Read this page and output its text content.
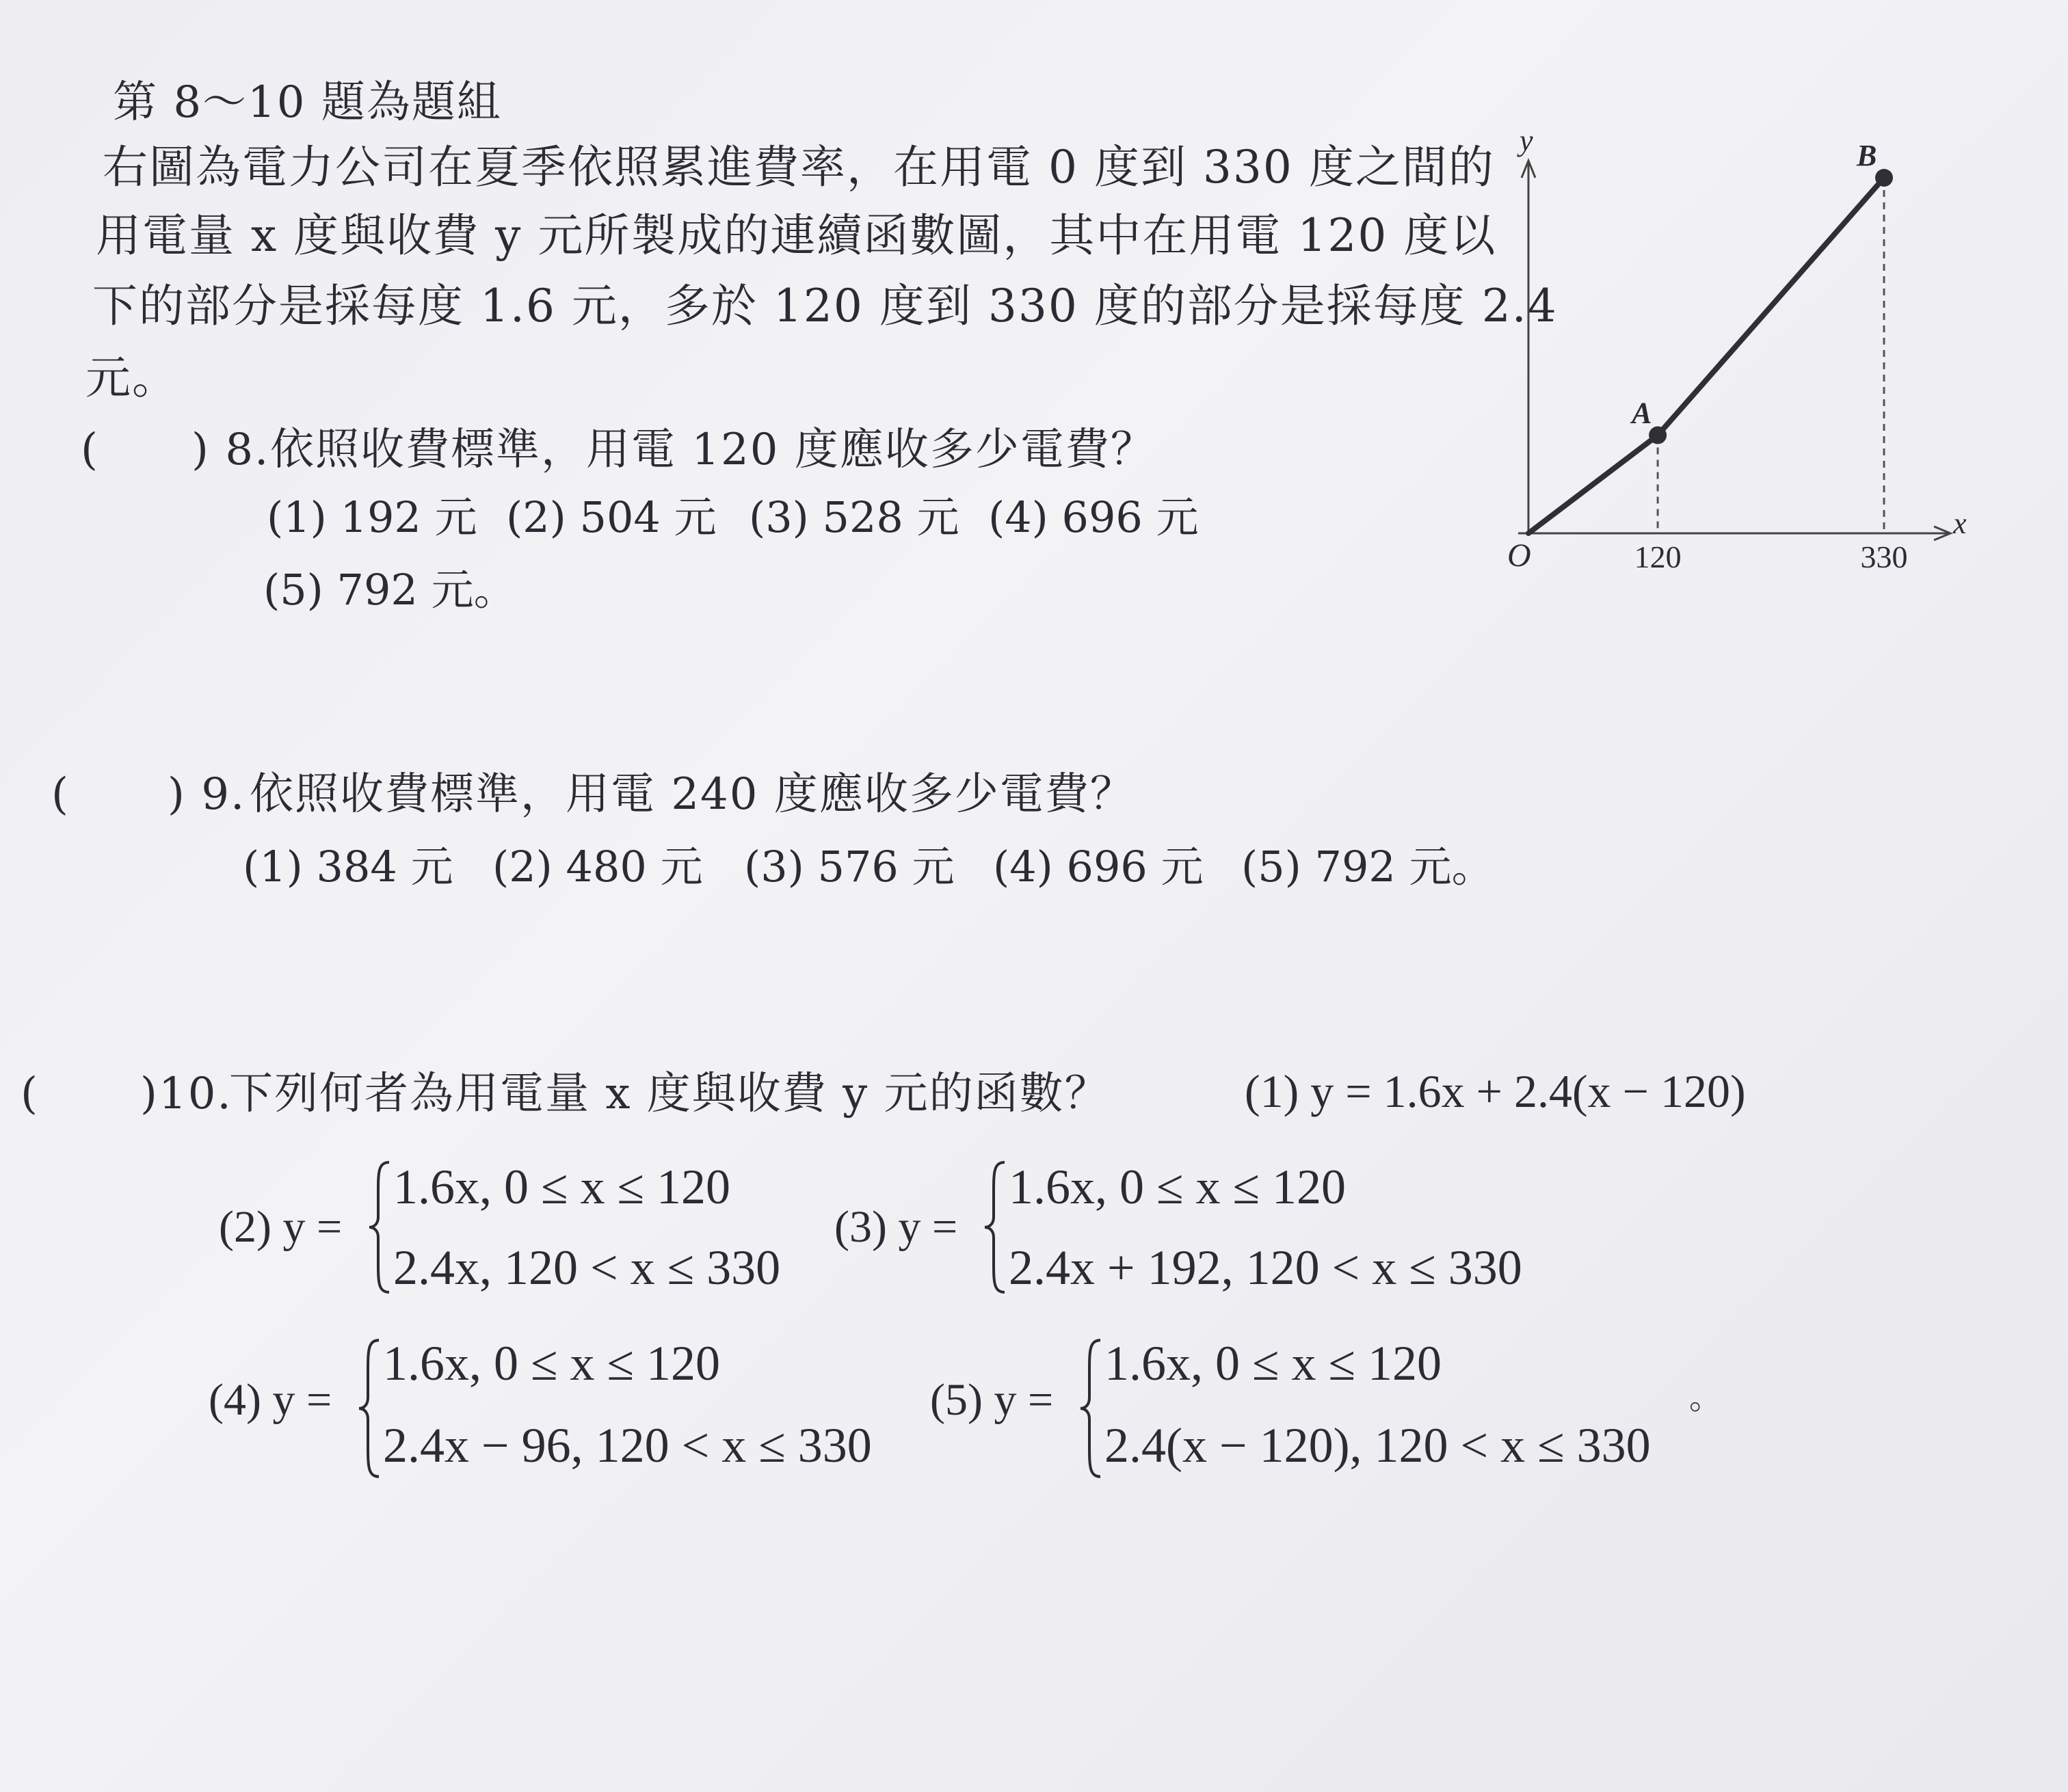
第 8～10 題為題組
右圖為電力公司在夏季依照累進費率，在用電 0 度到 330 度之間的
用電量 x 度與收費 y 元所製成的連續函數圖，其中在用電 120 度以
下的部分是採每度 1.6 元，多於 120 度到 330 度的部分是採每度 2.4
元。
y
x
O
A
B
120	330
( ) 8. 依照收費標準，用電 120 度應收多少電費？
(1) 192 元 (2) 504 元 (3) 528 元 (4) 696 元
(5) 792 元。
( ) 9. 依照收費標準，用電 240 度應收多少電費？
(1) 384 元 (2) 480 元 (3) 576 元 (4) 696 元 (5) 792 元。
( )10.
下列何者為用電量 x 度與收費 y 元的函數？	(1) y = 1.6x + 2.4(x − 120)
(2) y =
1.6x, 0 ≤ x ≤ 120
2.4x, 120 < x ≤ 330
(3) y =
1.6x, 0 ≤ x ≤ 120
2.4x + 192, 120 < x ≤ 330
(4) y =
1.6x, 0 ≤ x ≤ 120
2.4x − 96, 120 < x ≤ 330
(5) y =
1.6x, 0 ≤ x ≤ 120
2.4(x − 120), 120 < x ≤ 330
。
